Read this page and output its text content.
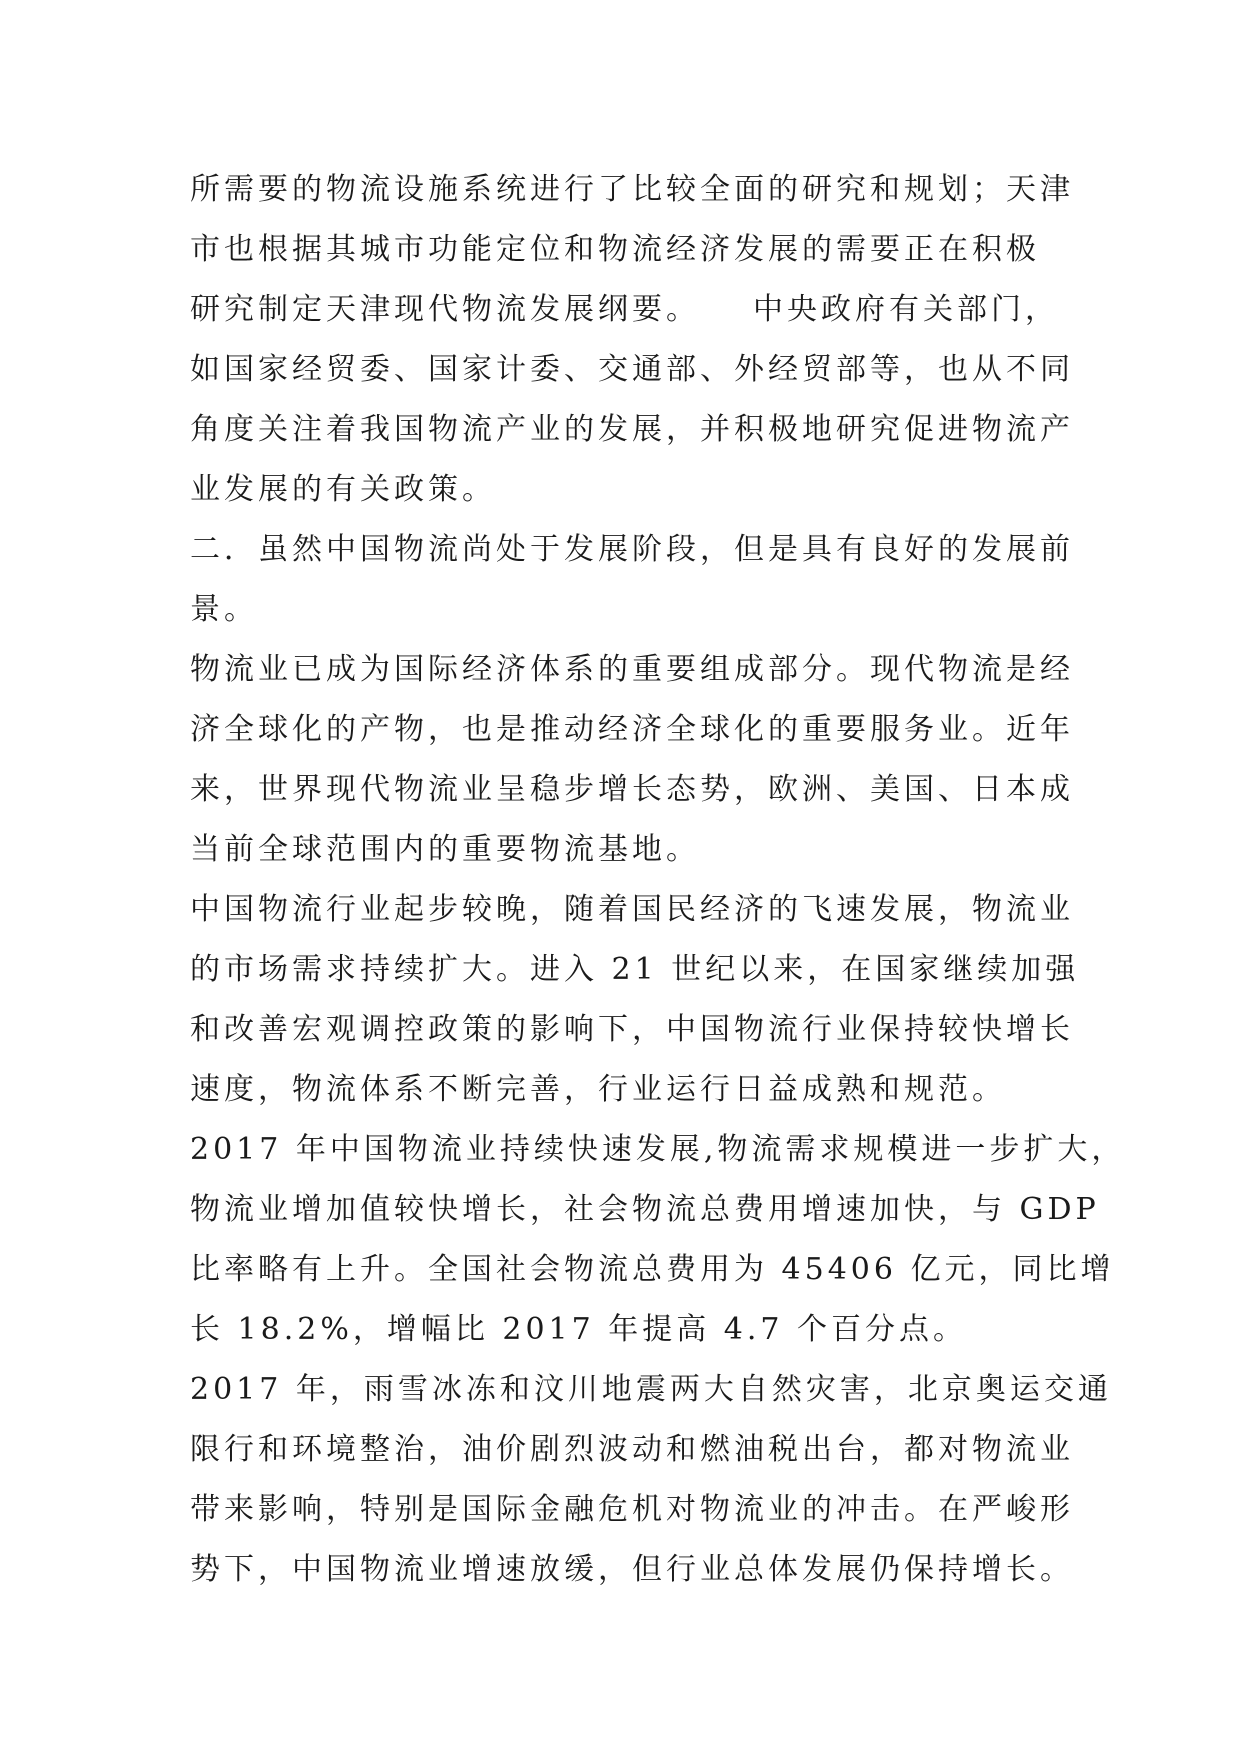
所需要的物流设施系统进行了比较全面的研究和规划；天津
市也根据其城市功能定位和物流经济发展的需要正在积极
研究制定天津现代物流发展纲要。　　中央政府有关部门，
如国家经贸委、国家计委、交通部、外经贸部等，也从不同
角度关注着我国物流产业的发展，并积极地研究促进物流产
业发展的有关政策。
二．虽然中国物流尚处于发展阶段，但是具有良好的发展前
景。
物流业已成为国际经济体系的重要组成部分。现代物流是经
济全球化的产物，也是推动经济全球化的重要服务业。近年
来，世界现代物流业呈稳步增长态势，欧洲、美国、日本成
当前全球范围内的重要物流基地。
中国物流行业起步较晚，随着国民经济的飞速发展，物流业
的市场需求持续扩大。进入 21 世纪以来，在国家继续加强
和改善宏观调控政策的影响下，中国物流行业保持较快增长
速度，物流体系不断完善，行业运行日益成熟和规范。
2017 年中国物流业持续快速发展,物流需求规模进一步扩大，
物流业增加值较快增长，社会物流总费用增速加快，与 GDP
比率略有上升。全国社会物流总费用为 45406 亿元，同比增
长 18.2%，增幅比 2017 年提高 4.7 个百分点。
2017 年，雨雪冰冻和汶川地震两大自然灾害，北京奥运交通
限行和环境整治，油价剧烈波动和燃油税出台，都对物流业
带来影响，特别是国际金融危机对物流业的冲击。在严峻形
势下，中国物流业增速放缓，但行业总体发展仍保持增长。
